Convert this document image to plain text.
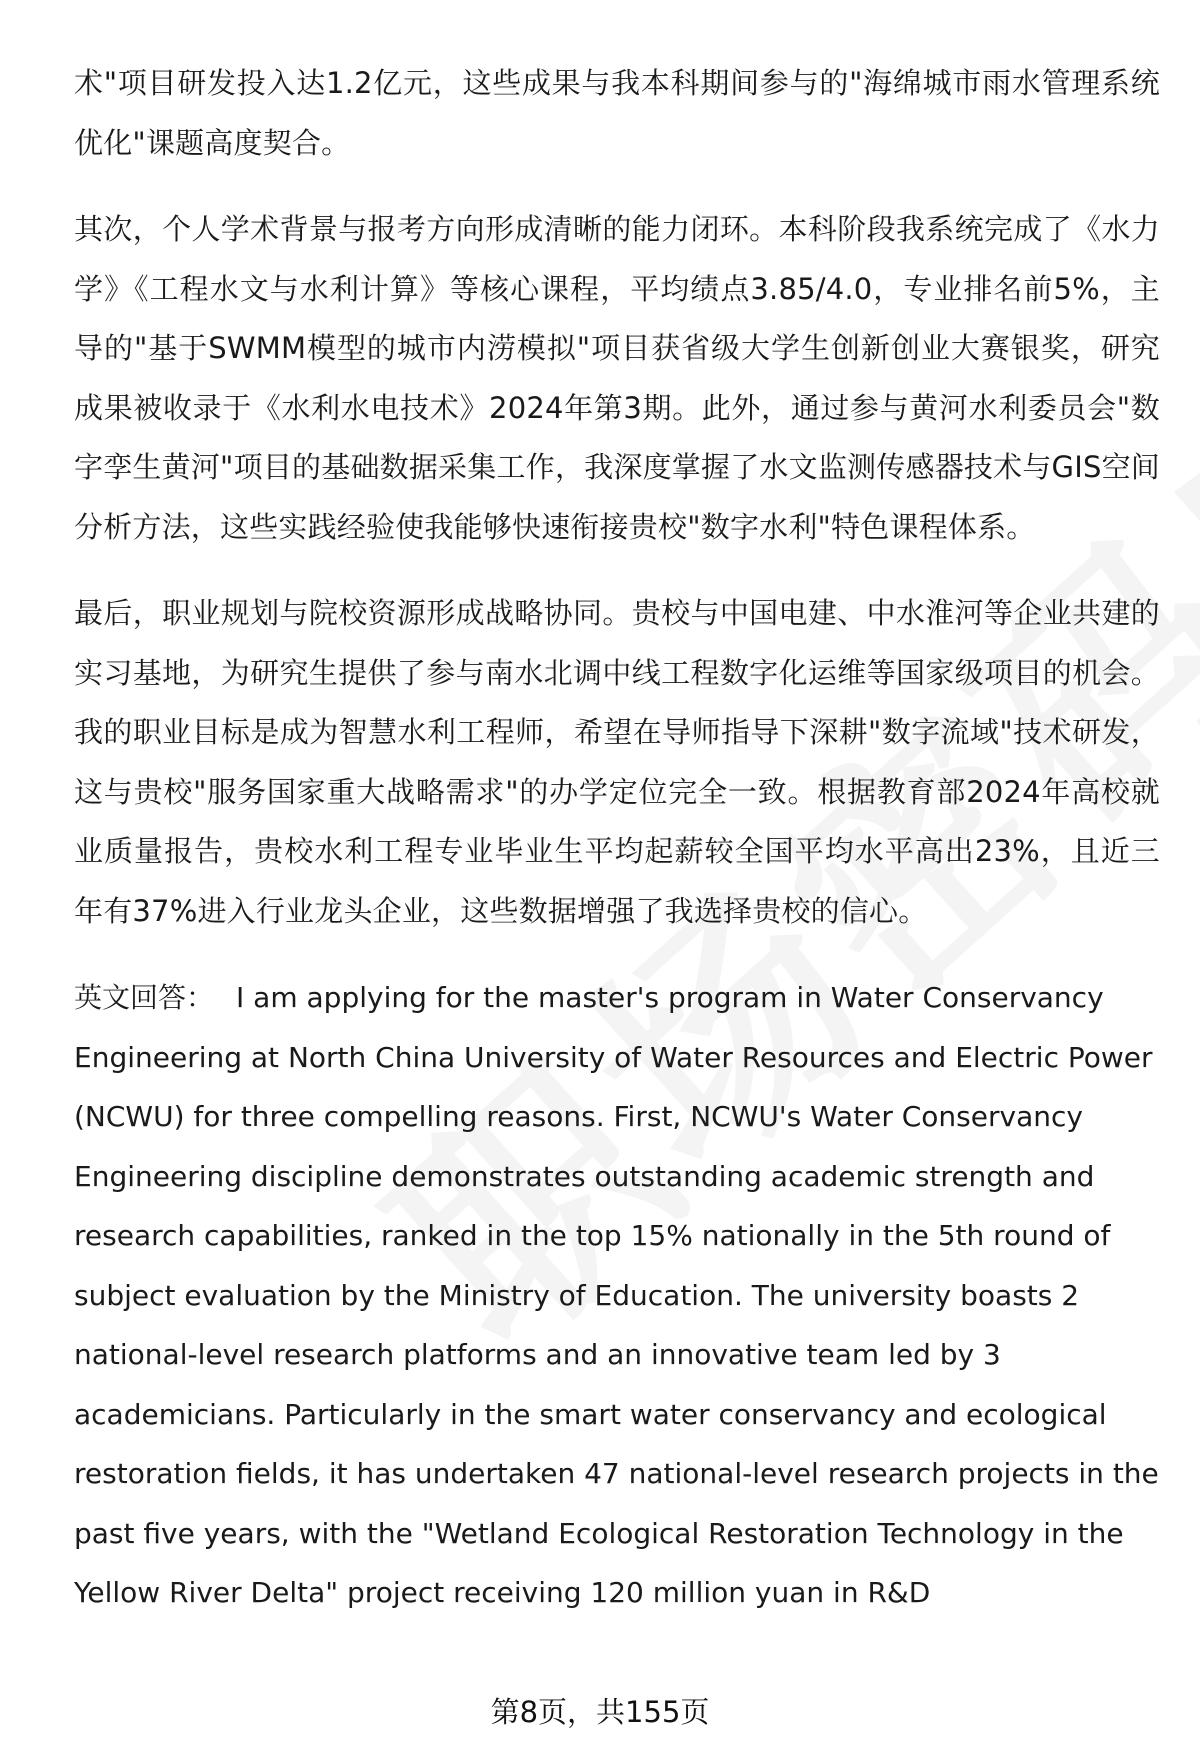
术"项目研发投入达1.2亿元，这些成果与我本科期间参与的"海绵城市雨水管理系统优化"课题高度契合。

其次，个人学术背景与报考方向形成清晰的能力闭环。本科阶段我系统完成了《水力学》《工程水文与水利计算》等核心课程，平均绩点3.85/4.0，专业排名前5%，主导的"基于SWMM模型的城市内涝模拟"项目获省级大学生创新创业大赛银奖，研究成果被收录于《水利水电技术》2024年第3期。此外，通过参与黄河水利委员会"数字孪生黄河"项目的基础数据采集工作，我深度掌握了水文监测传感器技术与GIS空间分析方法，这些实践经验使我能够快速衔接贵校"数字水利"特色课程体系。

最后，职业规划与院校资源形成战略协同。贵校与中国电建、中水淮河等企业共建的实习基地，为研究生提供了参与南水北调中线工程数字化运维等国家级项目的机会。我的职业目标是成为智慧水利工程师，希望在导师指导下深耕"数字流域"技术研发，这与贵校"服务国家重大战略需求"的办学定位完全一致。根据教育部2024年高校就业质量报告，贵校水利工程专业毕业生平均起薪较全国平均水平高出23%，且近三年有37%进入行业龙头企业，这些数据增强了我选择贵校的信心。

英文回答： I am applying for the master's program in Water Conservancy Engineering at North China University of Water Resources and Electric Power (NCWU) for three compelling reasons. First, NCWU's Water Conservancy Engineering discipline demonstrates outstanding academic strength and research capabilities, ranked in the top 15% nationally in the 5th round of subject evaluation by the Ministry of Education. The university boasts 2 national-level research platforms and an innovative team led by 3 academicians. Particularly in the smart water conservancy and ecological restoration fields, it has undertaken 47 national-level research projects in the past five years, with the "Wetland Ecological Restoration Technology in the Yellow River Delta" project receiving 120 million yuan in R&D

第8页，共155页
